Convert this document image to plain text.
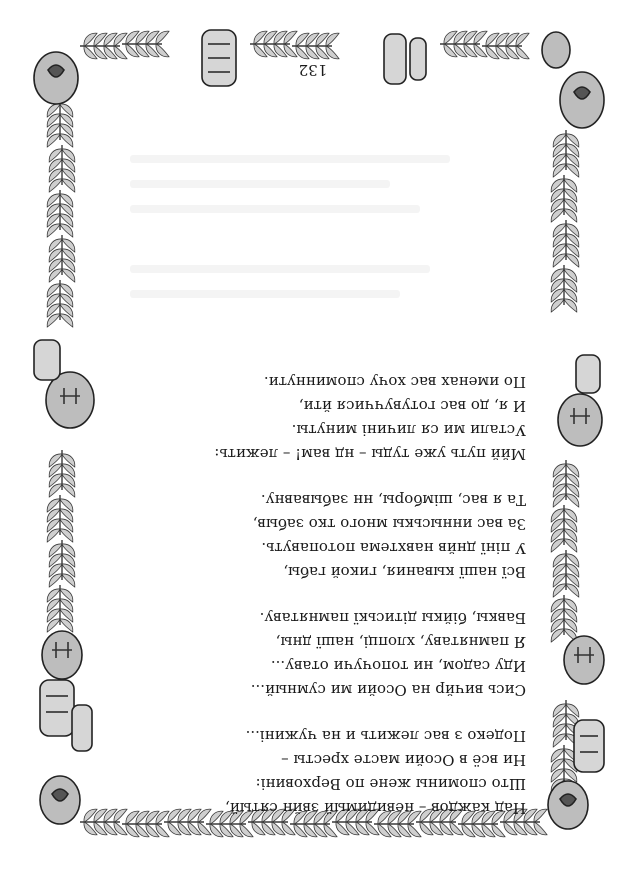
Над каждов – невидимый звйн сятый,
Што спомины жене по Верховині:
Ни всё в Осойи масте хресты –
Подеко з вас лежить и на чужині...
Сись вичйр на Осойи ми сумный...
Иду садом, ни топочучи отаву...
Я памнятаву, хлопці, нашї дны,
Бавкы, бійкы дітиськї памнятаву.
Всї нашї кывания, гикой габы,
У пінї днйв навхтема потопавуть.
За вас инныськы много тко забыв,
Та я вас, шімборы, нн забывавну.
Мйй путь уже туды – нд вам! – лежить:
Устали ми ся личині минуты.
И я, до вас готувуччися йти,
По именах вас хочу споминнути.
132
